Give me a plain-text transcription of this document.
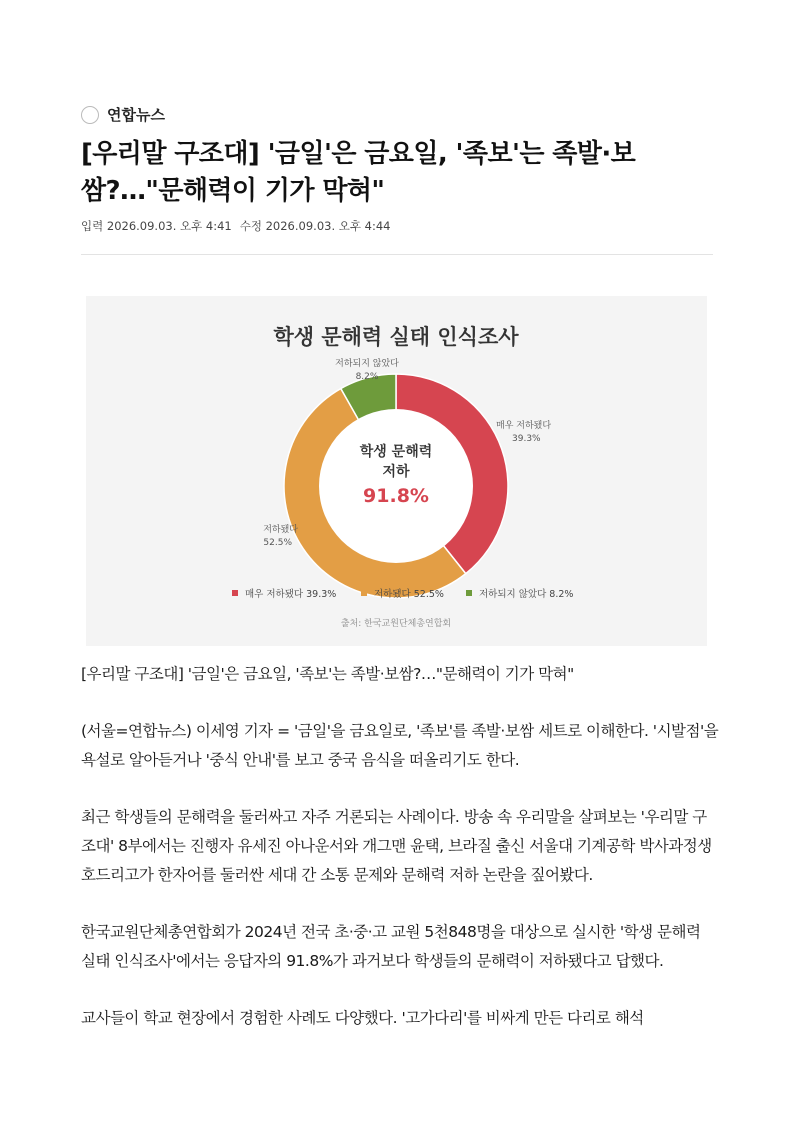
연합뉴스
[우리말 구조대] '금일'은 금요일, '족보'는 족발·보쌈?…"문해력이 기가 막혀"
입력 2026.09.03. 오후 4:41 수정 2026.09.03. 오후 4:44
학생 문해력 실태 인식조사
학생 문해력
저하
91.8%
매우 저하됐다
39.3%
저하됐다
52.5%
저하되지 않았다
8.2%
매우 저하됐다 39.3%	저하됐다 52.5%	저하되지 않았다 8.2%
출처: 한국교원단체총연합회

[우리말 구조대] '금일'은 금요일, '족보'는 족발·보쌈?…"문해력이 기가 막혀"

(서울=연합뉴스) 이세영 기자 = '금일'을 금요일로, '족보'를 족발·보쌈 세트로 이해한다. '시발점'을 욕설로 알아듣거나 '중식 안내'를 보고 중국 음식을 떠올리기도 한다.

최근 학생들의 문해력을 둘러싸고 자주 거론되는 사례이다. 방송 속 우리말을 살펴보는 '우리말 구조대' 8부에서는 진행자 유세진 아나운서와 개그맨 윤택, 브라질 출신 서울대 기계공학 박사과정생 호드리고가 한자어를 둘러싼 세대 간 소통 문제와 문해력 저하 논란을 짚어봤다.

한국교원단체총연합회가 2024년 전국 초·중·고 교원 5천848명을 대상으로 실시한 '학생 문해력 실태 인식조사'에서는 응답자의 91.8%가 과거보다 학생들의 문해력이 저하됐다고 답했다.

교사들이 학교 현장에서 경험한 사례도 다양했다. '고가다리'를 비싸게 만든 다리로 해석
